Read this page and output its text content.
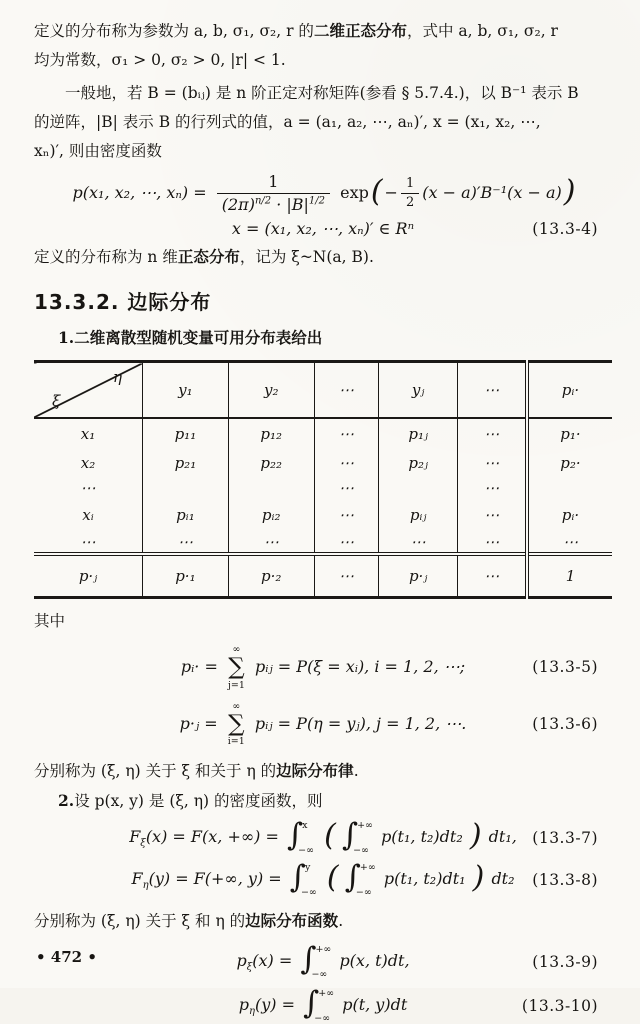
定义的分布称为参数为 a, b, σ₁, σ₂, r 的二维正态分布，式中 a, b, σ₁, σ₂, r
均为常数，σ₁ > 0, σ₂ > 0, |r| < 1.
一般地，若 B = (bᵢⱼ) 是 n 阶正定对称矩阵(参看 § 5.7.4.)，以 B⁻¹ 表示 B
的逆阵，|B| 表示 B 的行列式的值，a = (a₁, a₂, ⋯, aₙ)′, x = (x₁, x₂, ⋯,
xₙ)′, 则由密度函数
p(x₁, x₂, ⋯, $x_n) = \frac{1}{(2\pi)^{n/2} \cdot |B|^{1/2}} \exp( - \frac{1}{2} (x - a)'B^{-1}(x - a))$
x = (x₁, x₂, ⋯, xₙ)′ ∈ Rⁿ	(13.3-4)
定义的分布称为 n 维正态分布，记为 ξ~N(a, B).
13.3.2. 边际分布
1.二维离散型随机变量可用分布表给出
η
ξ	y₁	y₂	⋯	yⱼ	⋯	pᵢ·
x₁	p₁₁	p₁₂	⋯	p₁ⱼ	⋯	p₁·
x₂	p₂₁	p₂₂	⋯	p₂ⱼ	⋯	p₂·
⋯			⋯		⋯	
xᵢ	pᵢ₁	pᵢ₂	⋯	pᵢⱼ	⋯	pᵢ·
⋯	⋯	⋯	⋯	⋯	⋯	⋯
p·ⱼ	p·₁	p·₂	⋯	p·ⱼ	⋯	1
其中
pᵢ· =
∞
∑
j=1
pᵢⱼ = P(ξ = xᵢ), i = 1, 2, ⋯;	(13.3-5)
p·ⱼ =
∞
∑
i=1
pᵢⱼ = P(η = yⱼ), j = 1, 2, ⋯.	(13.3-6)
分别称为 (ξ, η) 关于 ξ 和关于 η 的边际分布律.
2.设 p(x, y) 是 (ξ, η) 的密度函数，则
$F_\xi(x) = F(x$, +∞) = ∫ x
−∞ ( ∫ +∞
−∞
p(t₁, t₂)dt₂ ) dt₁, (13.3-7)
$F_\eta(y) = F(+\infty$, y) = ∫ y
−∞ ( ∫ +∞
−∞
p(t₁, t₂)dt₁ ) dt₂ (13.3-8)
分别称为 (ξ, η) 关于 ξ 和 η 的边际分布函数.
$p_\xi(x)$ = ∫ +∞
−∞
p(x, t)dt,	(13.3-9)
$p_\eta(y)$ = ∫ +∞
−∞
p(t, y)dt	(13.3-10)
• 472 •
